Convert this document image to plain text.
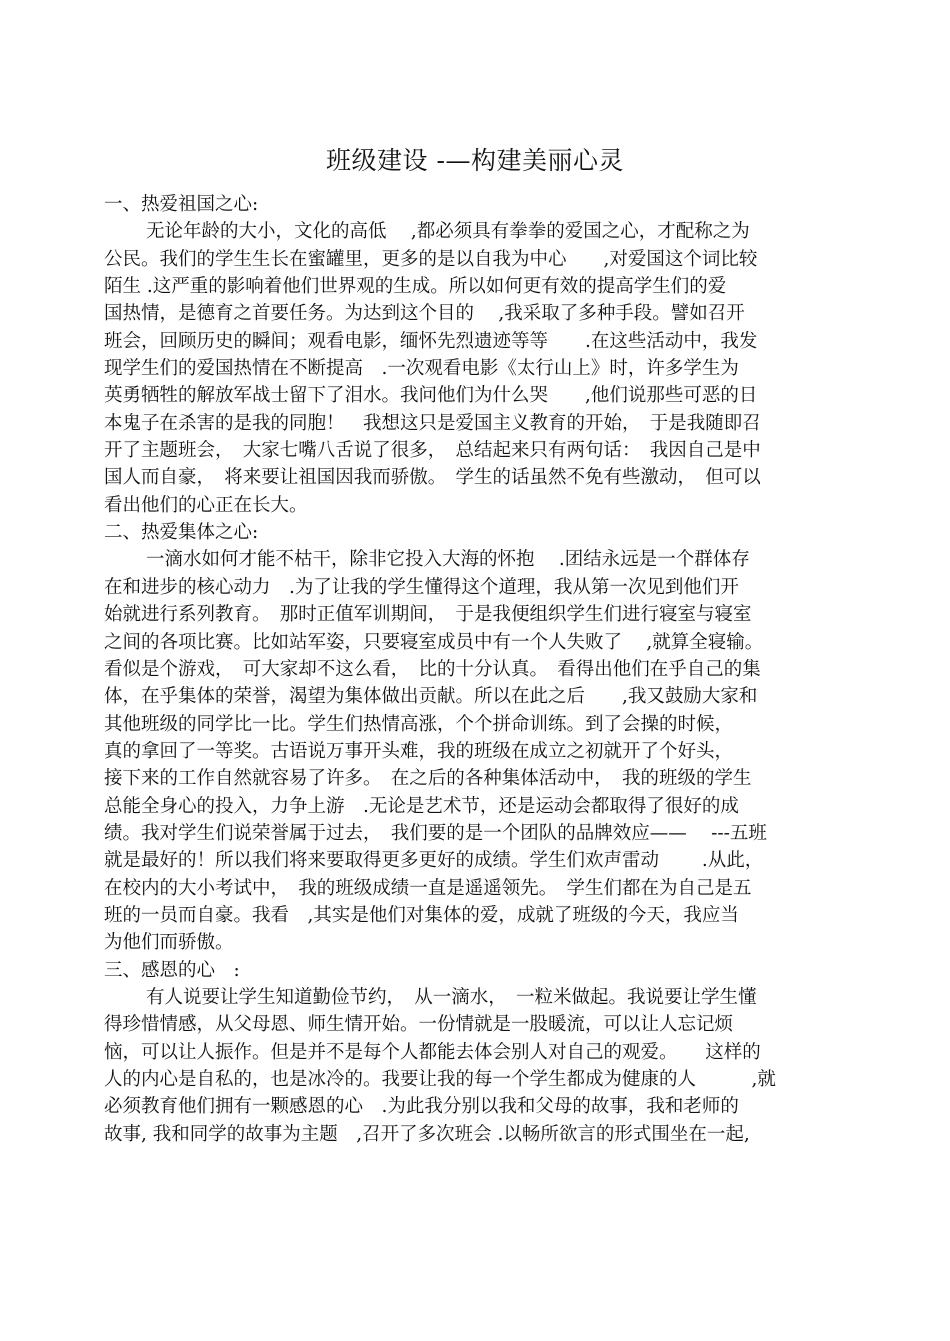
班级建设 -—构建美丽心灵
一、热爱祖国之心:
无论年龄的大小，文化的高低　 ,都必须具有拳拳的爱国之心，才配称之为
公民。我们的学生生长在蜜罐里，更多的是以自我为中心　　,对爱国这个词比较
陌生 .这严重的影响着他们世界观的生成。所以如何更有效的提高学生们的爱
国热情，是德育之首要任务。为达到这个目的　 ,我采取了多种手段。譬如召开
班会，回顾历史的瞬间；观看电影，缅怀先烈遗迹等等　　.在这些活动中，我发
现学生们的爱国热情在不断提高　.一次观看电影《太行山上》时，许多学生为
英勇牺牲的解放军战士留下了泪水。我问他们为什么哭　　,他们说那些可恶的日
本鬼子在杀害的是我的同胞！　我想这只是爱国主义教育的开始，　于是我随即召
开了主题班会，　大家七嘴八舌说了很多，　总结起来只有两句话：　我因自己是中
国人而自豪，　将来要让祖国因我而骄傲。　学生的话虽然不免有些激动，　但可以
看出他们的心正在长大。
二、热爱集体之心:
一滴水如何才能不枯干，除非它投入大海的怀抱　 .团结永远是一个群体存
在和进步的核心动力　.为了让我的学生懂得这个道理，我从第一次见到他们开
始就进行系列教育。　那时正值军训期间，　于是我便组织学生们进行寝室与寝室
之间的各项比赛。比如站军姿，只要寝室成员中有一个人失败了　 ,就算全寝输。
看似是个游戏，　可大家却不这么看，　比的十分认真。　看得出他们在乎自己的集
体，在乎集体的荣誉，渴望为集体做出贡献。所以在此之后　　,我又鼓励大家和
其他班级的同学比一比。学生们热情高涨，个个拼命训练。到了会操的时候，
真的拿回了一等奖。古语说万事开头难，我的班级在成立之初就开了个好头，
接下来的工作自然就容易了许多。　在之后的各种集体活动中，　我的班级的学生
总能全身心的投入，力争上游　.无论是艺术节，还是运动会都取得了很好的成
绩。我对学生们说荣誉属于过去，　我们要的是一个团队的品牌效应——　 ---五班
就是最好的！所以我们将来要取得更多更好的成绩。学生们欢声雷动　　 .从此，
在校内的大小考试中，　我的班级成绩一直是遥遥领先。　学生们都在为自己是五
班的一员而自豪。我看　,其实是他们对集体的爱，成就了班级的今天，我应当
为他们而骄傲。
三、感恩的心　:
有人说要让学生知道勤俭节约，　从一滴水，　一粒米做起。我说要让学生懂
得珍惜情感，从父母恩、师生情开始。一份情就是一股暖流，可以让人忘记烦
恼，可以让人振作。但是并不是每个人都能去体会别人对自己的观爱。　　这样的
人的内心是自私的，也是冰冷的。我要让我的每一个学生都成为健康的人　　　,就
必须教育他们拥有一颗感恩的心　.为此我分别以我和父母的故事，我和老师的
故事, 我和同学的故事为主题　,召开了多次班会 .以畅所欲言的形式围坐在一起,
